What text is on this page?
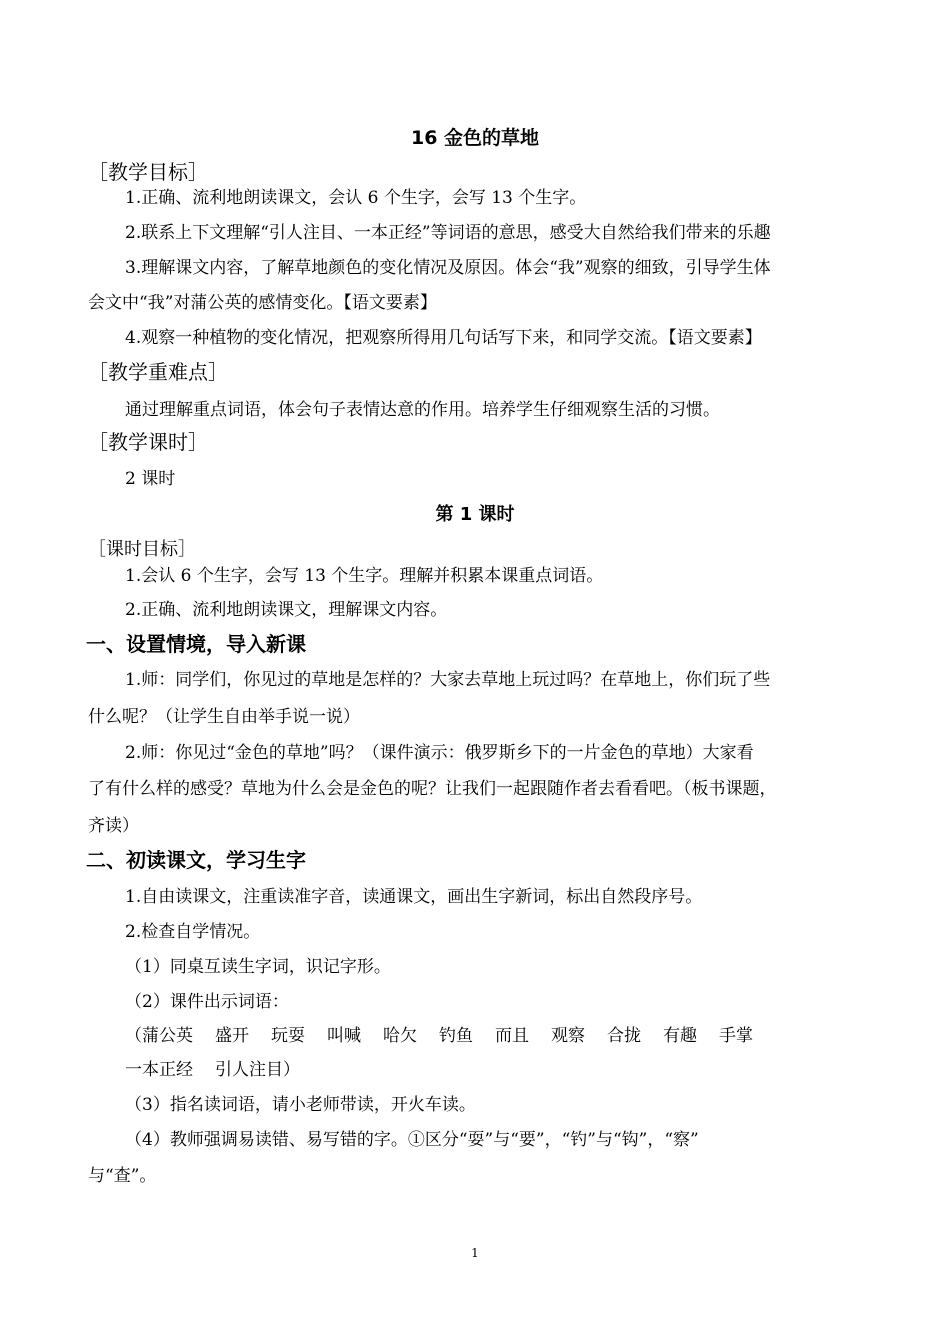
16 金色的草地
［教学目标］
1.正确、流利地朗读课文，会认 6 个生字，会写 13 个生字。
2.联系上下文理解“引人注目、一本正经”等词语的意思，感受大自然给我们带来的乐趣
3.理解课文内容，了解草地颜色的变化情况及原因。体会“我”观察的细致，引导学生体
会文中“我”对蒲公英的感情变化。【语文要素】
4.观察一种植物的变化情况，把观察所得用几句话写下来，和同学交流。【语文要素】
［教学重难点］
通过理解重点词语，体会句子表情达意的作用。培养学生仔细观察生活的习惯。
［教学课时］
2 课时
第 1 课时
［课时目标］
1.会认 6 个生字，会写 13 个生字。理解并积累本课重点词语。
2.正确、流利地朗读课文，理解课文内容。
一、设置情境，导入新课
1.师：同学们，你见过的草地是怎样的？大家去草地上玩过吗？在草地上，你们玩了些
什么呢？（让学生自由举手说一说）
2.师：你见过“金色的草地”吗？（课件演示：俄罗斯乡下的一片金色的草地）大家看
了有什么样的感受？草地为什么会是金色的呢？让我们一起跟随作者去看看吧。（板书课题，
齐读）
二、初读课文，学习生字
1.自由读课文，注重读准字音，读通课文，画出生字新词，标出自然段序号。
2.检查自学情况。
（1）同桌互读生字词，识记字形。
（2）课件出示词语：
（蒲公英 盛开 玩耍 叫喊 哈欠 钓鱼 而且 观察 合拢 有趣 手掌
一本正经 引人注目）
（3）指名读词语，请小老师带读，开火车读。
（4）教师强调易读错、易写错的字。①区分“耍”与“要”，“钓”与“钩”，“察”
与“查”。
1
